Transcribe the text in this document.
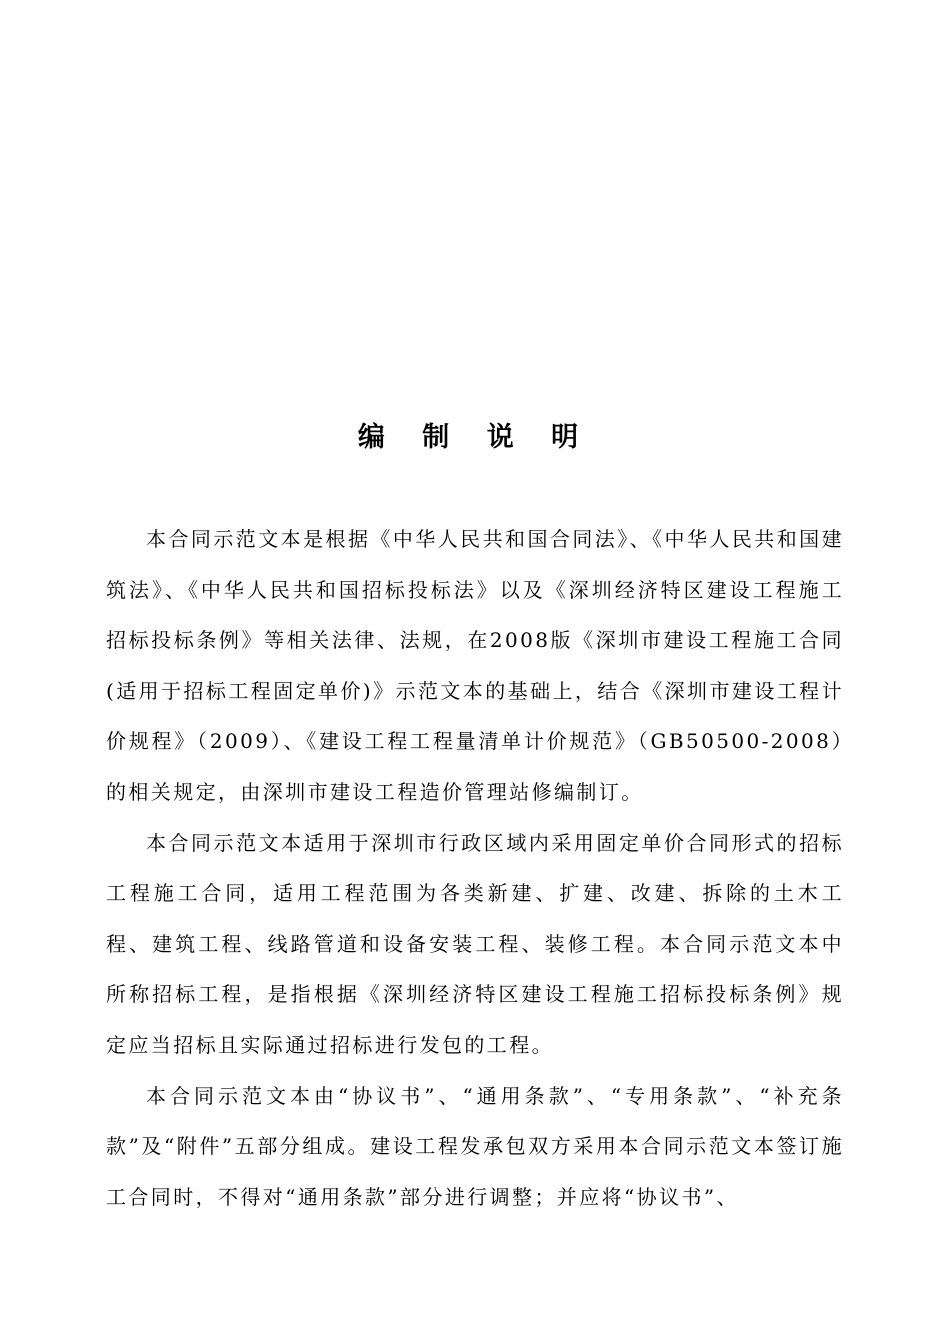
编 制 说 明

本合同示范文本是根据《中华人民共和国合同法》、《中华人民共和国建筑法》、《中华人民共和国招标投标法》以及《深圳经济特区建设工程施工招标投标条例》等相关法律、法规，在2008版《深圳市建设工程施工合同(适用于招标工程固定单价)》示范文本的基础上，结合《深圳市建设工程计价规程》（2009）、《建设工程工程量清单计价规范》（GB50500-2008）的相关规定，由深圳市建设工程造价管理站修编制订。

本合同示范文本适用于深圳市行政区域内采用固定单价合同形式的招标工程施工合同，适用工程范围为各类新建、扩建、改建、拆除的土木工程、建筑工程、线路管道和设备安装工程、装修工程。本合同示范文本中所称招标工程，是指根据《深圳经济特区建设工程施工招标投标条例》规定应当招标且实际通过招标进行发包的工程。

本合同示范文本由“协议书”、“通用条款”、“专用条款”、“补充条款”及“附件”五部分组成。建设工程发承包双方采用本合同示范文本签订施工合同时，不得对“通用条款”部分进行调整；并应将“协议书”、
